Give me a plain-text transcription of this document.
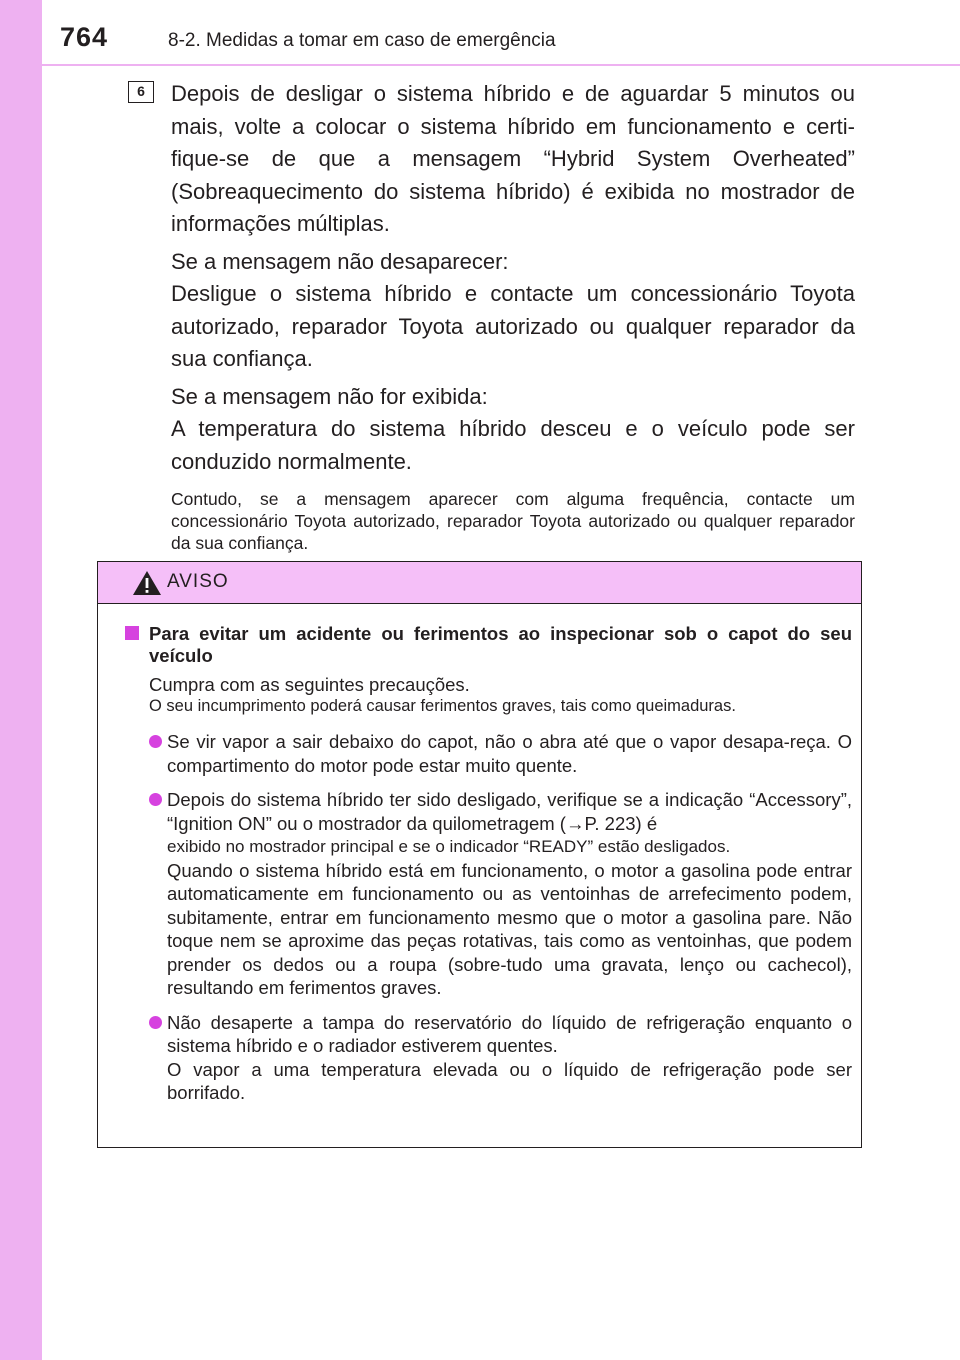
764	8-2. Medidas a tomar em caso de emergência
6	Depois de desligar o sistema híbrido e de aguardar 5 minutos ou mais, volte a colocar o sistema híbrido em funcionamento e certi-fique-se de que a mensagem “Hybrid System Overheated” (Sobreaquecimento do sistema híbrido) é exibida no mostrador de informações múltiplas.

Se a mensagem não desaparecer:
Desligue o sistema híbrido e contacte um concessionário Toyota autorizado, reparador Toyota autorizado ou qualquer reparador da sua confiança.

Se a mensagem não for exibida:
A temperatura do sistema híbrido desceu e o veículo pode ser conduzido normalmente.

Contudo, se a mensagem aparecer com alguma frequência, contacte um concessionário Toyota autorizado, reparador Toyota autorizado ou qualquer reparador da sua confiança.

AVISO
Para evitar um acidente ou ferimentos ao inspecionar sob o capot do seu veículo

Cumpra com as seguintes precauções.

O seu incumprimento poderá causar ferimentos graves, tais como queimaduras.

Se vir vapor a sair debaixo do capot, não o abra até que o vapor desapa-reça. O compartimento do motor pode estar muito quente.

Depois do sistema híbrido ter sido desligado, verifique se a indicação “Accessory”, “Ignition ON” ou o mostrador da quilometragem (→P. 223) é

exibido no mostrador principal e se o indicador “READY” estão desligados.

Quando o sistema híbrido está em funcionamento, o motor a gasolina pode entrar automaticamente em funcionamento ou as ventoinhas de arrefecimento podem, subitamente, entrar em funcionamento mesmo que o motor a gasolina pare. Não toque nem se aproxime das peças rotativas, tais como as ventoinhas, que podem prender os dedos ou a roupa (sobre-tudo uma gravata, lenço ou cachecol), resultando em ferimentos graves.

Não desaperte a tampa do reservatório do líquido de refrigeração enquanto o sistema híbrido e o radiador estiverem quentes.

O vapor a uma temperatura elevada ou o líquido de refrigeração pode ser borrifado.
